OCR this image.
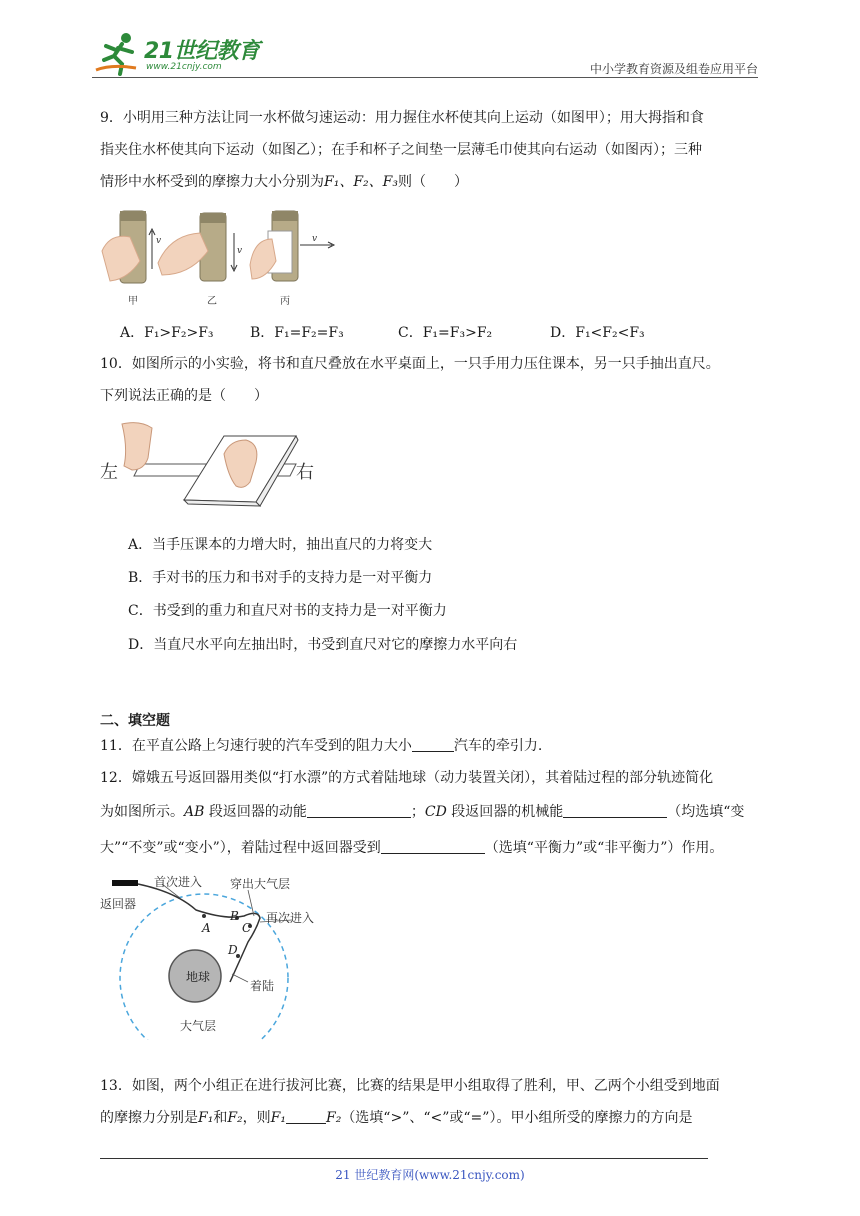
21世纪教育
www.21cnjy.com	中小学教育资源及组卷应用平台
9．小明用三种方法让同一水杯做匀速运动：用力握住水杯使其向上运动（如图甲）；用大拇指和食
指夹住水杯使其向下运动（如图乙）；在手和杯子之间垫一层薄毛巾使其向右运动（如图丙）；三种
情形中水杯受到的摩擦力大小分别为F₁、F₂、F₃则（　　）
v
v
v
甲	乙	丙
A．F₁>F₂>F₃	B．F₁=F₂=F₃	C．F₁=F₃>F₂	D．F₁<F₂<F₃
10．如图所示的小实验，将书和直尺叠放在水平桌面上，一只手用力压住课本，另一只手抽出直尺。
下列说法正确的是（　　）
左	右
A．当手压课本的力增大时，抽出直尺的力将变大
B．手对书的压力和书对手的支持力是一对平衡力
C．书受到的重力和直尺对书的支持力是一对平衡力
D．当直尺水平向左抽出时，书受到直尺对它的摩擦力水平向右
二、填空题
11．在平直公路上匀速行驶的汽车受到的阻力大小	汽车的牵引力.
12．嫦娥五号返回器用类似“打水漂”的方式着陆地球（动力装置关闭），其着陆过程的部分轨迹简化
为如图所示。AB 段返回器的动能	；CD 段返回器的机械能	（均选填“变
大”“不变”或“变小”），着陆过程中返回器受到	（选填“平衡力”或“非平衡力”）作用。
返回器
首次进入 穿出大气层
再次进入
地球
着陆
大气层
A
B
C
D
13．如图，两个小组正在进行拔河比赛，比赛的结果是甲小组取得了胜利，甲、乙两个小组受到地面
的摩擦力分别是F₁和F₂，则F₁	F₂（选填“>”、“<”或“=”）。甲小组所受的摩擦力的方向是
21 世纪教育网(www.21cnjy.com)
